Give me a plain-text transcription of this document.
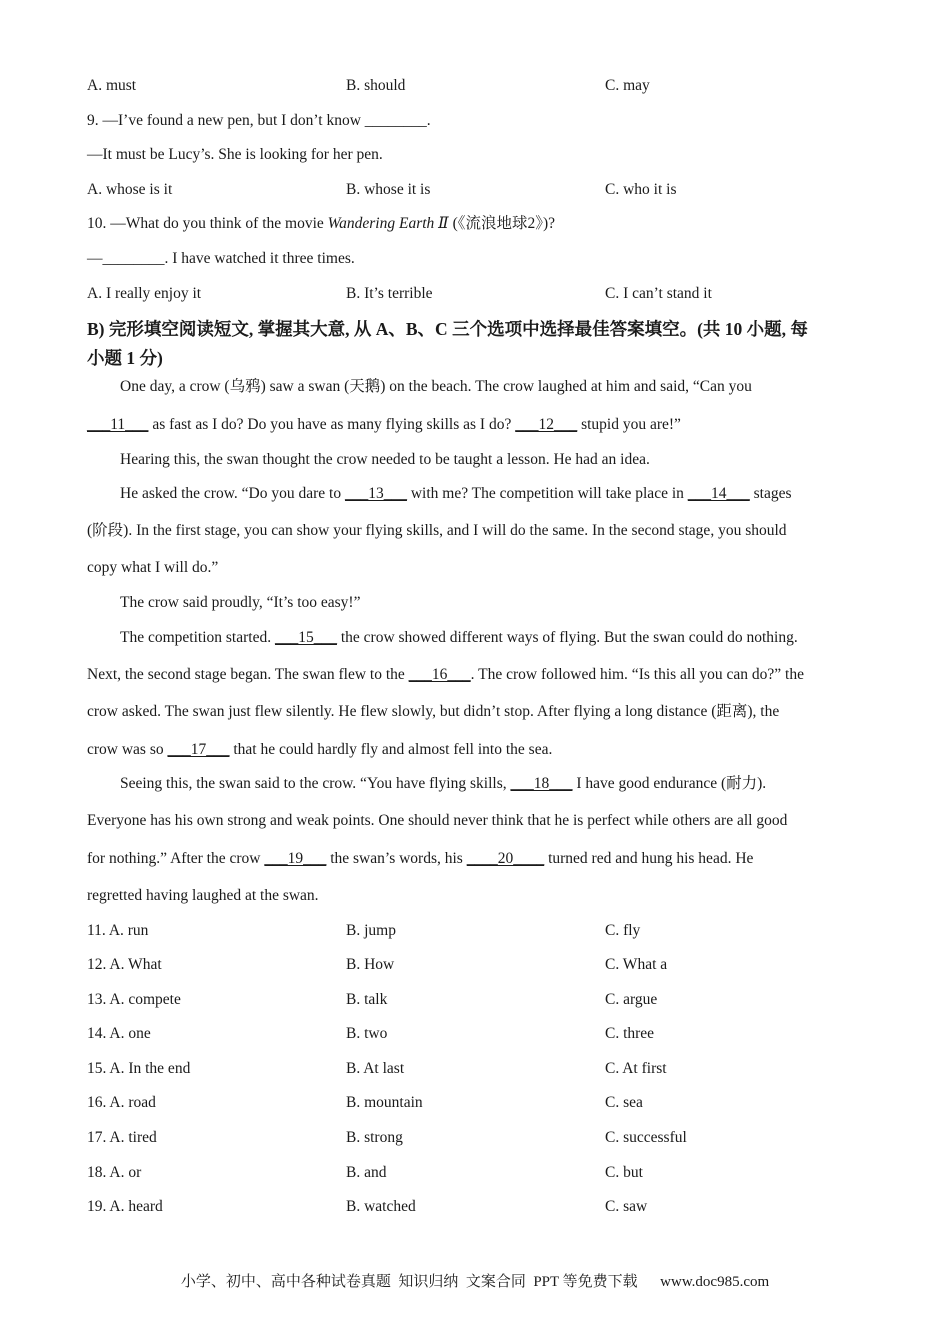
A. must	B. should	C. may
9. —I’ve found a new pen, but I don’t know ________.
—It must be Lucy’s. She is looking for her pen.
A. whose is it	B. whose it is	C. who it is
10. —What do you think of the movie Wandering Earth Ⅱ (《流浪地球2》)?
—________. I have watched it three times.
A. I really enjoy it	B. It’s terrible	C. I can’t stand it
B) 完形填空阅读短文, 掌握其大意, 从 A、B、C 三个选项中选择最佳答案填空。(共 10 小题, 每
小题 1 分)
One day, a crow (乌鸦) saw a swan (天鹅) on the beach. The crow laughed at him and said, “Can you
___11___ as fast as I do? Do you have as many flying skills as I do? ___12___ stupid you are!”
Hearing this, the swan thought the crow needed to be taught a lesson. He had an idea.
He asked the crow. “Do you dare to ___13___ with me? The competition will take place in ___14___ stages
(阶段). In the first stage, you can show your flying skills, and I will do the same. In the second stage, you should
copy what I will do.”
The crow said proudly, “It’s too easy!”
The competition started. ___15___ the crow showed different ways of flying. But the swan could do nothing.
Next, the second stage began. The swan flew to the ___16___. The crow followed him. “Is this all you can do?” the
crow asked. The swan just flew silently. He flew slowly, but didn’t stop. After flying a long distance (距离), the
crow was so ___17___ that he could hardly fly and almost fell into the sea.
Seeing this, the swan said to the crow. “You have flying skills, ___18___ I have good endurance (耐力).
Everyone has his own strong and weak points. One should never think that he is perfect while others are all good
for nothing.” After the crow ___19___ the swan’s words, his ____20____ turned red and hung his head. He
regretted having laughed at the swan.
11. A. run	B. jump	C. fly
12. A. What	B. How	C. What a
13. A. compete	B. talk	C. argue
14. A. one	B. two	C. three
15. A. In the end	B. At last	C. At first
16. A. road	B. mountain	C. sea
17. A. tired	B. strong	C. successful
18. A. or	B. and	C. but
19. A. heard	B. watched	C. saw
小学、初中、高中各种试卷真题  知识归纳  文案合同  PPT 等免费下载      www.doc985.com
